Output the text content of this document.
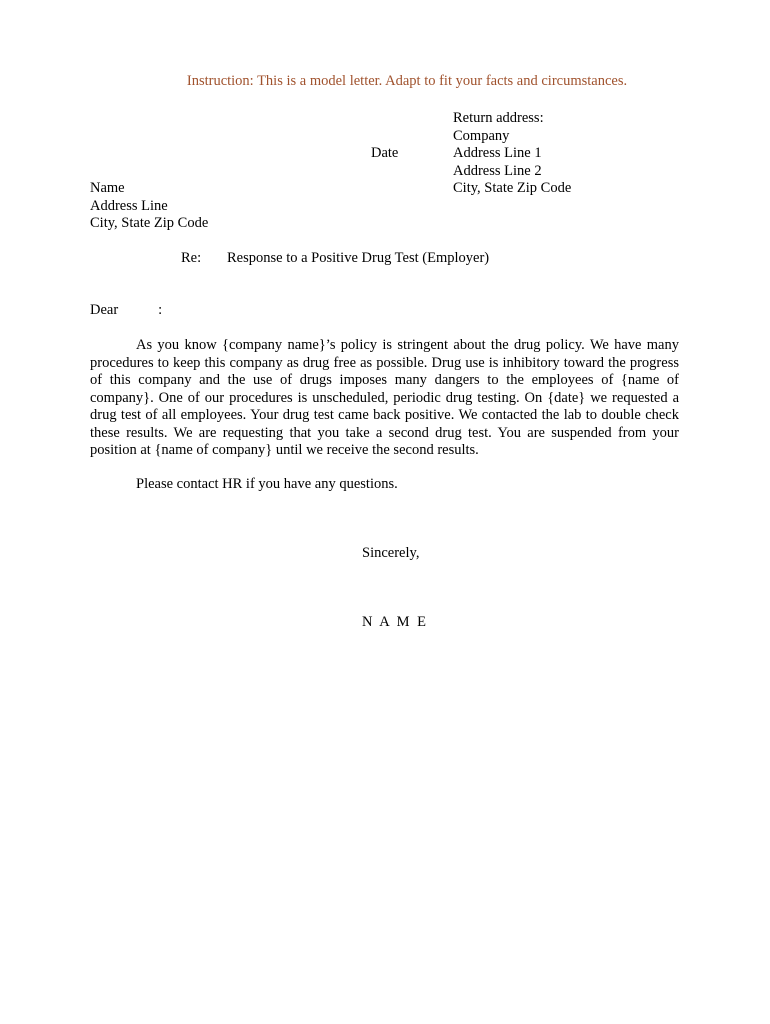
Instruction: This is a model letter. Adapt to fit your facts and circumstances.
Return address:
Company
Address Line 1
Address Line 2
City, State Zip Code
Date
Name
Address Line
City, State Zip Code
Re: Response to a Positive Drug Test (Employer)
Dear	:
As you know {company name}’s policy is stringent about the drug policy. We have many procedures to keep this company as drug free as possible. Drug use is inhibitory toward the progress of this company and the use of drugs imposes many dangers to the employees of {name of company}. One of our procedures is unscheduled, periodic drug testing. On {date} we requested a drug test of all employees. Your drug test came back positive. We contacted the lab to double check these results. We are requesting that you take a second drug test. You are suspended from your position at {name of company} until we receive the second results.
Please contact HR if you have any questions.
Sincerely,
N A M E
